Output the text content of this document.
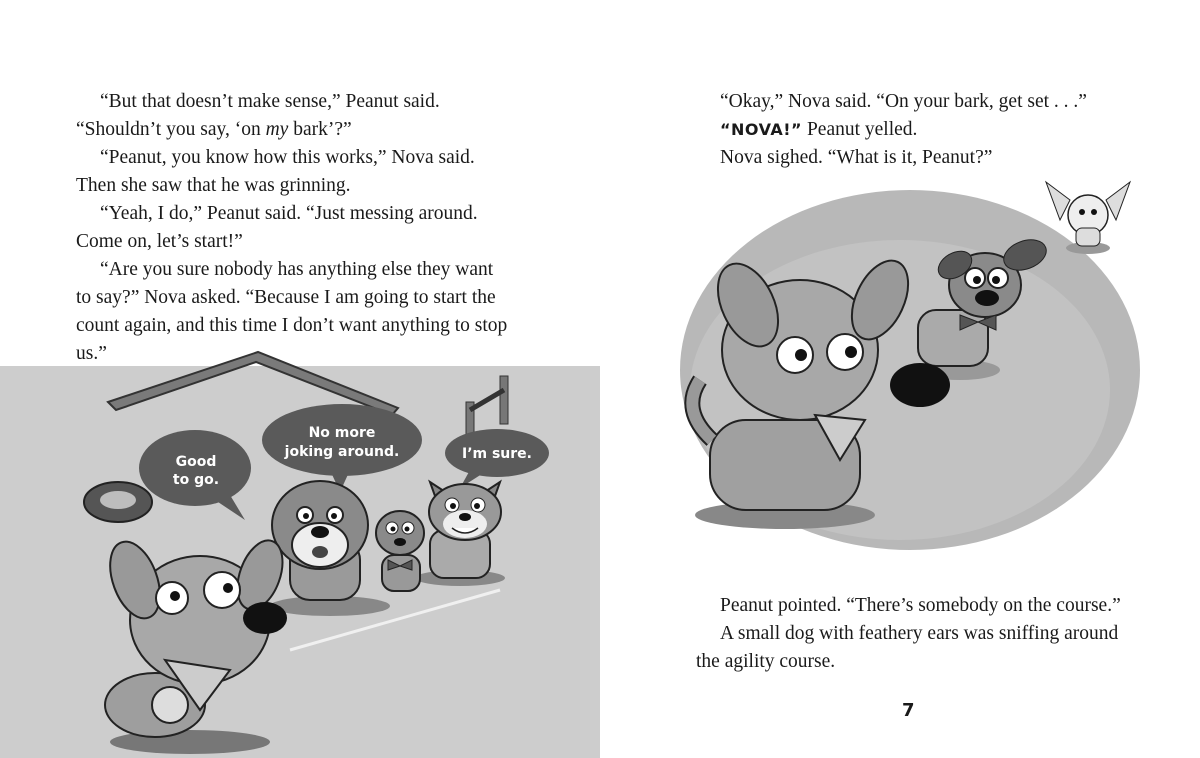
Good
to go.
No more
joking around.	I’m sure.

“But that doesn’t make sense,” Peanut said. “Shouldn’t you say, ‘on my bark’?”

“Peanut, you know how this works,” Nova said. Then she saw that he was grinning.

“Yeah, I do,” Peanut said. “Just messing around. Come on, let’s start!”

“Are you sure nobody has anything else they want to say?” Nova asked. “Because I am going to start the count again, and this time I don’t want anything to stop us.”

“Okay,” Nova said. “On your bark, get set . . .”

“NOVA!” Peanut yelled.

Nova sighed. “What is it, Peanut?”

Peanut pointed. “There’s somebody on the course.”

A small dog with feathery ears was sniffing around the agility course.

7
